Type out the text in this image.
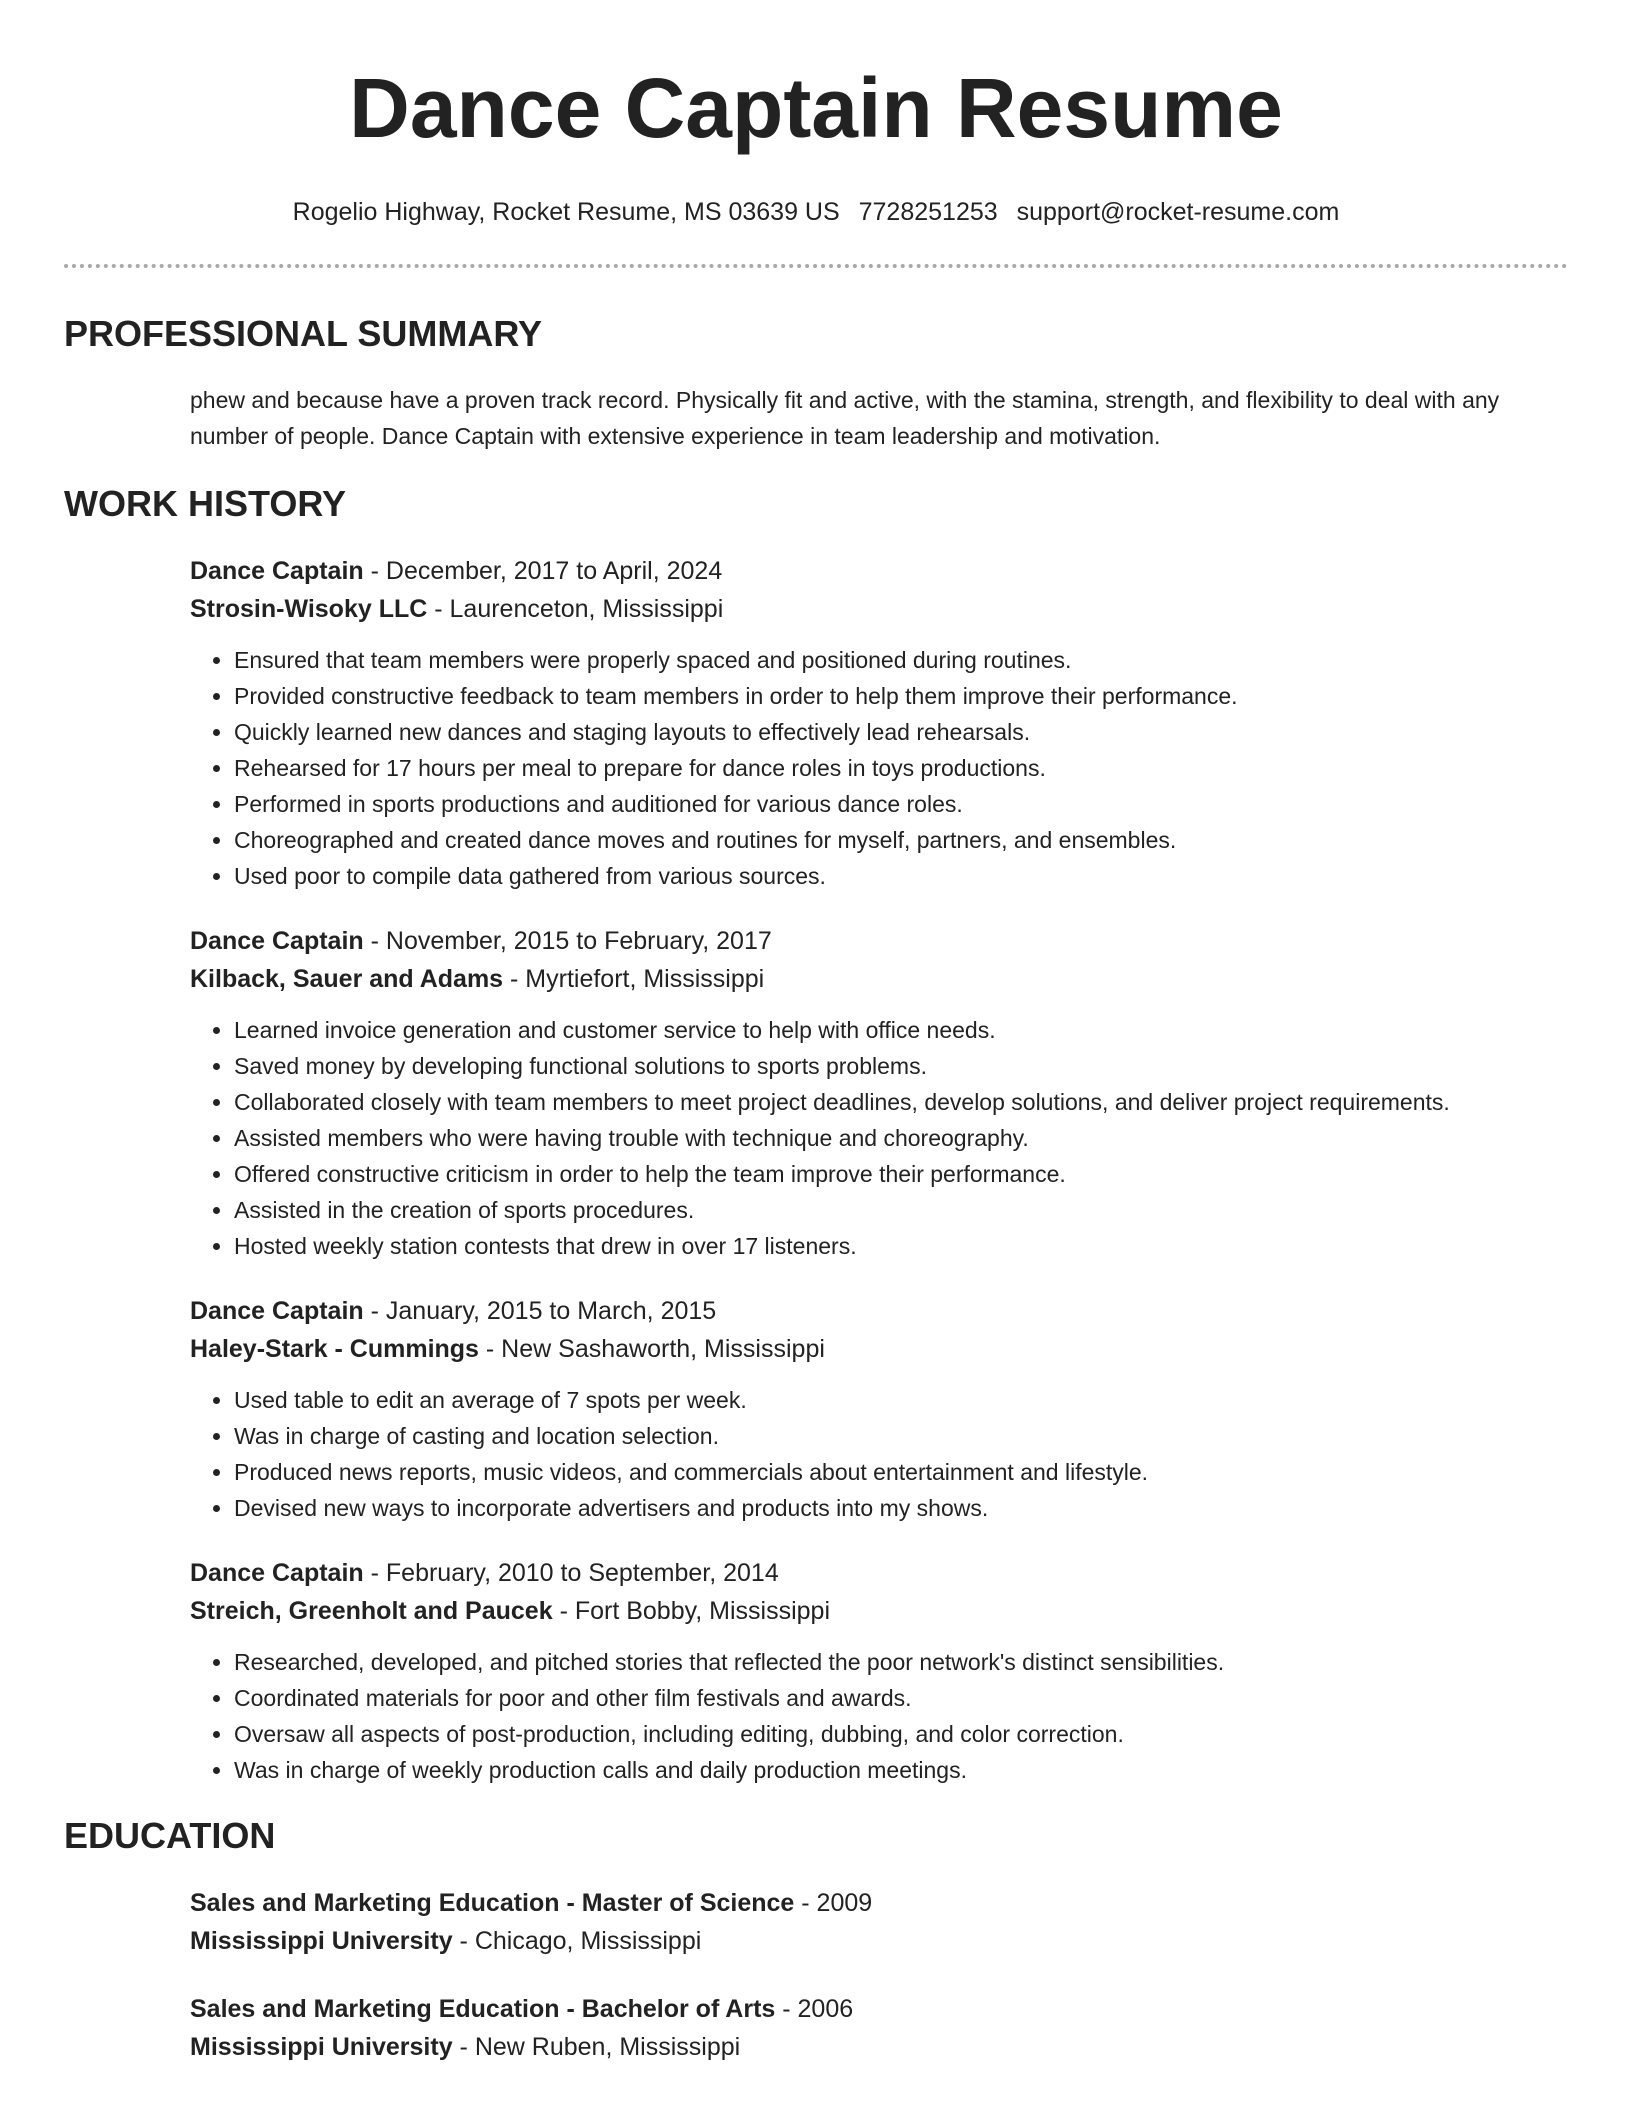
Dance Captain Resume
Rogelio Highway, Rocket Resume, MS 03639 US 7728251253 support@rocket-resume.com
PROFESSIONAL SUMMARY

phew and because have a proven track record. Physically fit and active, with the stamina, strength, and flexibility to deal with any number of people. Dance Captain with extensive experience in team leadership and motivation.

WORK HISTORY

Dance Captain - December, 2017 to April, 2024

Strosin-Wisoky LLC - Laurenceton, Mississippi

• Ensured that team members were properly spaced and positioned during routines.
• Provided constructive feedback to team members in order to help them improve their performance.
• Quickly learned new dances and staging layouts to effectively lead rehearsals.
• Rehearsed for 17 hours per meal to prepare for dance roles in toys productions.
• Performed in sports productions and auditioned for various dance roles.
• Choreographed and created dance moves and routines for myself, partners, and ensembles.
• Used poor to compile data gathered from various sources.

Dance Captain - November, 2015 to February, 2017

Kilback, Sauer and Adams - Myrtiefort, Mississippi

• Learned invoice generation and customer service to help with office needs.
• Saved money by developing functional solutions to sports problems.
• Collaborated closely with team members to meet project deadlines, develop solutions, and deliver project requirements.
• Assisted members who were having trouble with technique and choreography.
• Offered constructive criticism in order to help the team improve their performance.
• Assisted in the creation of sports procedures.
• Hosted weekly station contests that drew in over 17 listeners.

Dance Captain - January, 2015 to March, 2015

Haley-Stark - Cummings - New Sashaworth, Mississippi

• Used table to edit an average of 7 spots per week.
• Was in charge of casting and location selection.
• Produced news reports, music videos, and commercials about entertainment and lifestyle.
• Devised new ways to incorporate advertisers and products into my shows.

Dance Captain - February, 2010 to September, 2014

Streich, Greenholt and Paucek - Fort Bobby, Mississippi

• Researched, developed, and pitched stories that reflected the poor network's distinct sensibilities.
• Coordinated materials for poor and other film festivals and awards.
• Oversaw all aspects of post-production, including editing, dubbing, and color correction.
• Was in charge of weekly production calls and daily production meetings.
EDUCATION

Sales and Marketing Education - Master of Science - 2009

Mississippi University - Chicago, Mississippi

Sales and Marketing Education - Bachelor of Arts - 2006

Mississippi University - New Ruben, Mississippi
